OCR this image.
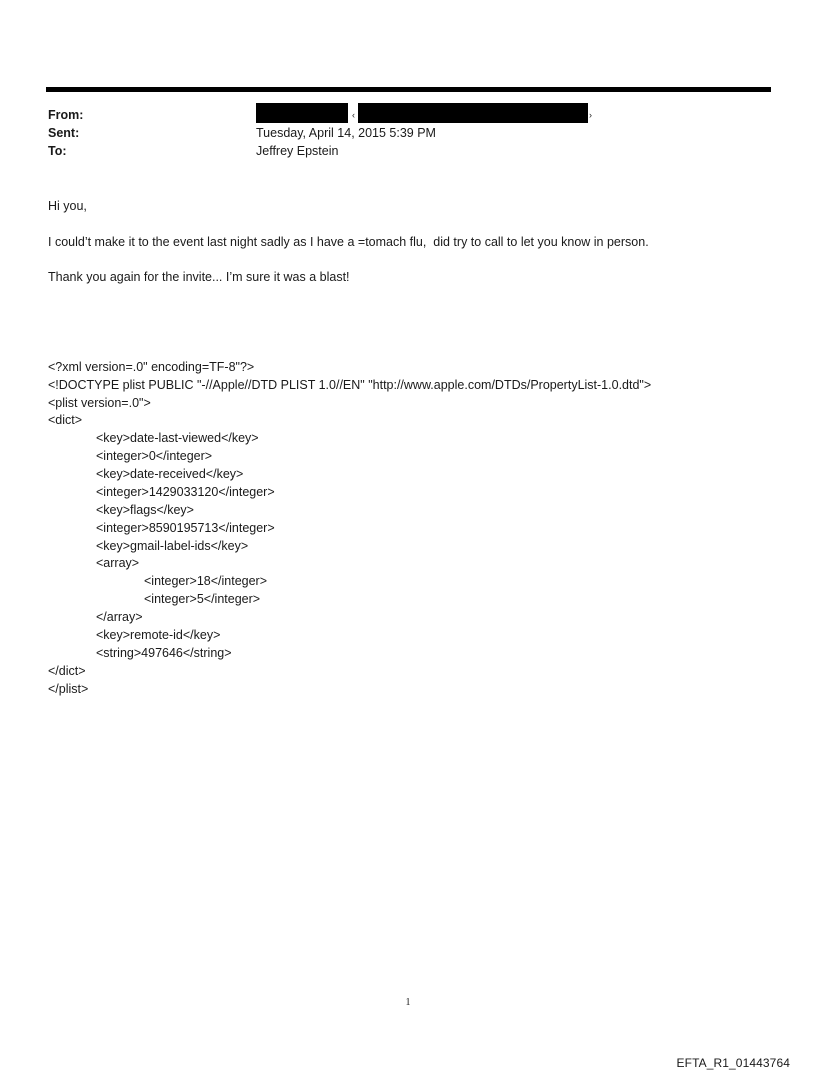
From:
Sent:
To:
‹	›
Tuesday, April 14, 2015 5:39 PM
Jeffrey Epstein
Hi you,
I could’t make it to the event last night sadly as I have a =tomach flu,  did try to call to let you know in person.
Thank you again for the invite... I’m sure it was a blast!
<?xml version=.0" encoding=TF-8"?>
<!DOCTYPE plist PUBLIC "-//Apple//DTD PLIST 1.0//EN" "http://www.apple.com/DTDs/PropertyList-1.0.dtd">
<plist version=.0">
<dict>
<key>date-last-viewed</key>
<integer>0</integer>
<key>date-received</key>
<integer>1429033120</integer>
<key>flags</key>
<integer>8590195713</integer>
<key>gmail-label-ids</key>
<array>
<integer>18</integer>
<integer>5</integer>
</array>
<key>remote-id</key>
<string>497646</string>
</dict>
</plist>
1
EFTA_R1_01443764
